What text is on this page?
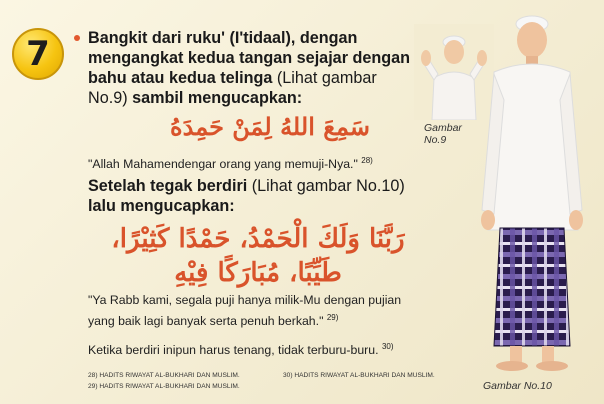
7 Bangkit dari ruku' (I'tidaal), dengan mengangkat kedua tangan sejajar dengan bahu atau kedua telinga (Lihat gambar No.9) sambil mengucapkan:
سَمِعَ اللهُ لِمَنْ حَمِدَهُ
"Allah Mahamendengar orang yang memuji-Nya." $^{28)}$
Setelah tegak berdiri (Lihat gambar No.10) lalu mengucapkan:
رَبَّنَا وَلَكَ الْحَمْدُ، حَمْدًا كَثِيْرًا، طَيِّبًا، مُبَارَكًا فِيْهِ
"Ya Rabb kami, segala puji hanya milik-Mu dengan pujian yang baik lagi banyak serta penuh berkah." $^{29)}$
Ketika berdiri inipun harus tenang, tidak terburu-buru. $^{30)}$
28) HADITS RIWAYAT AL-BUKHARI DAN MUSLIM.
29) HADITS RIWAYAT AL-BUKHARI DAN MUSLIM.
30) HADITS RIWAYAT AL-BUKHARI DAN MUSLIM.
Gambar No.9
Gambar No.10
